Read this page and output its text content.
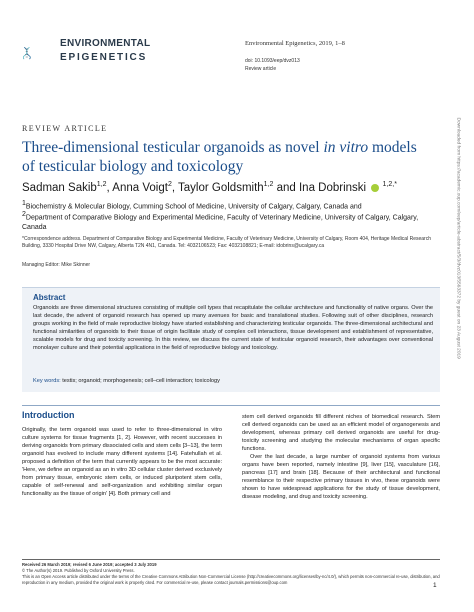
ENVIRONMENTAL
EPIGENETICS
Environmental Epigenetics, 2019, 1–8
doi: 10.1093/eep/dvz013
Review article
REVIEW ARTICLE
Three-dimensional testicular organoids as novel in vitro models of testicular biology and toxicology
Sadman Sakib$^{1,2}$, Anna Voigt$^2$, Taylor Goldsmith$^{1,2}$ and Ina Dobrinski $^{1,2,*}$
1Biochemistry & Molecular Biology, Cumming School of Medicine, University of Calgary, Calgary, Canada and
2Department of Comparative Biology and Experimental Medicine, Faculty of Veterinary Medicine, University of Calgary, Calgary, Canada
*Correspondence address. Department of Comparative Biology and Experimental Medicine, Faculty of Veterinary Medicine, University of Calgary, Room 404, Heritage Medical Research Building, 3330 Hospital Drive NW, Calgary, Alberta T2N 4N1, Canada. Tel: 4032106523; Fax: 4032108821; E-mail: idobrins@ucalgary.ca
Managing Editor: Mike Skinner
Abstract
Organoids are three dimensional structures consisting of multiple cell types that recapitulate the cellular architecture and functionality of native organs. Over the last decade, the advent of organoid research has opened up many avenues for basic and translational studies. Following suit of other disciplines, research groups working in the field of male reproductive biology have started establishing and characterizing testicular organoids. The three-dimensional architectural and functional similarities of organoids to their tissue of origin facilitate study of complex cell interactions, tissue development and establishment of representative, scalable models for drug and toxicity screening. In this review, we discuss the current state of testicular organoid research, their advantages over conventional monolayer culture and their potential applications in the field of reproductive biology and toxicology.
Key words: testis; organoid; morphogenesis; cell–cell interaction; toxicology
Introduction
Originally, the term organoid was used to refer to three-dimensional in vitro culture systems for tissue fragments [1, 2]. However, with recent successes in deriving organoids from primary dissociated cells and stem cells [3–13], the term organoid has evolved to include many different systems [14]. Fatehullah et al. proposed a definition of the term that currently appears to be the most accurate: 'Here, we define an organoid as an in vitro 3D cellular cluster derived exclusively from primary tissue, embryonic stem cells, or induced pluripotent stem cells, capable of self-renewal and self-organization and exhibiting similar organ functionality as the tissue of origin' [4]. Both primary cell and
stem cell derived organoids fill different niches of biomedical research. Stem cell derived organoids can be used as an efficient model of organogenesis and development, whereas primary cell derived organoids are useful for drug-toxicity screening and studying the molecular mechanisms of organ specific functions.
Over the last decade, a large number of organoid systems from various organs have been reported, namely intestine [9], liver [15], vasculature [16], pancreas [17] and brain [18]. Because of their architectural and functional resemblance to their respective primary tissues in vivo, these organoids were shown to have widespread applications for the study of tissue development, disease modeling, and drug and toxicity screening.
Received 26 March 2019; revised 6 June 2019; accepted 3 July 2019
© The Author(s) 2019. Published by Oxford University Press.
This is an Open Access article distributed under the terms of the Creative Commons Attribution Non-Commercial License (http://creativecommons.org/licenses/by-nc/4.0/), which permits non-commercial re-use, distribution, and reproduction in any medium, provided the original work is properly cited. For commercial re-use, please contact journals.permissions@oup.com	1
Downloaded from https://academic.oup.com/eep/article-abstract/5/3/dvz013/5563372 by guest on 23 August 2019
